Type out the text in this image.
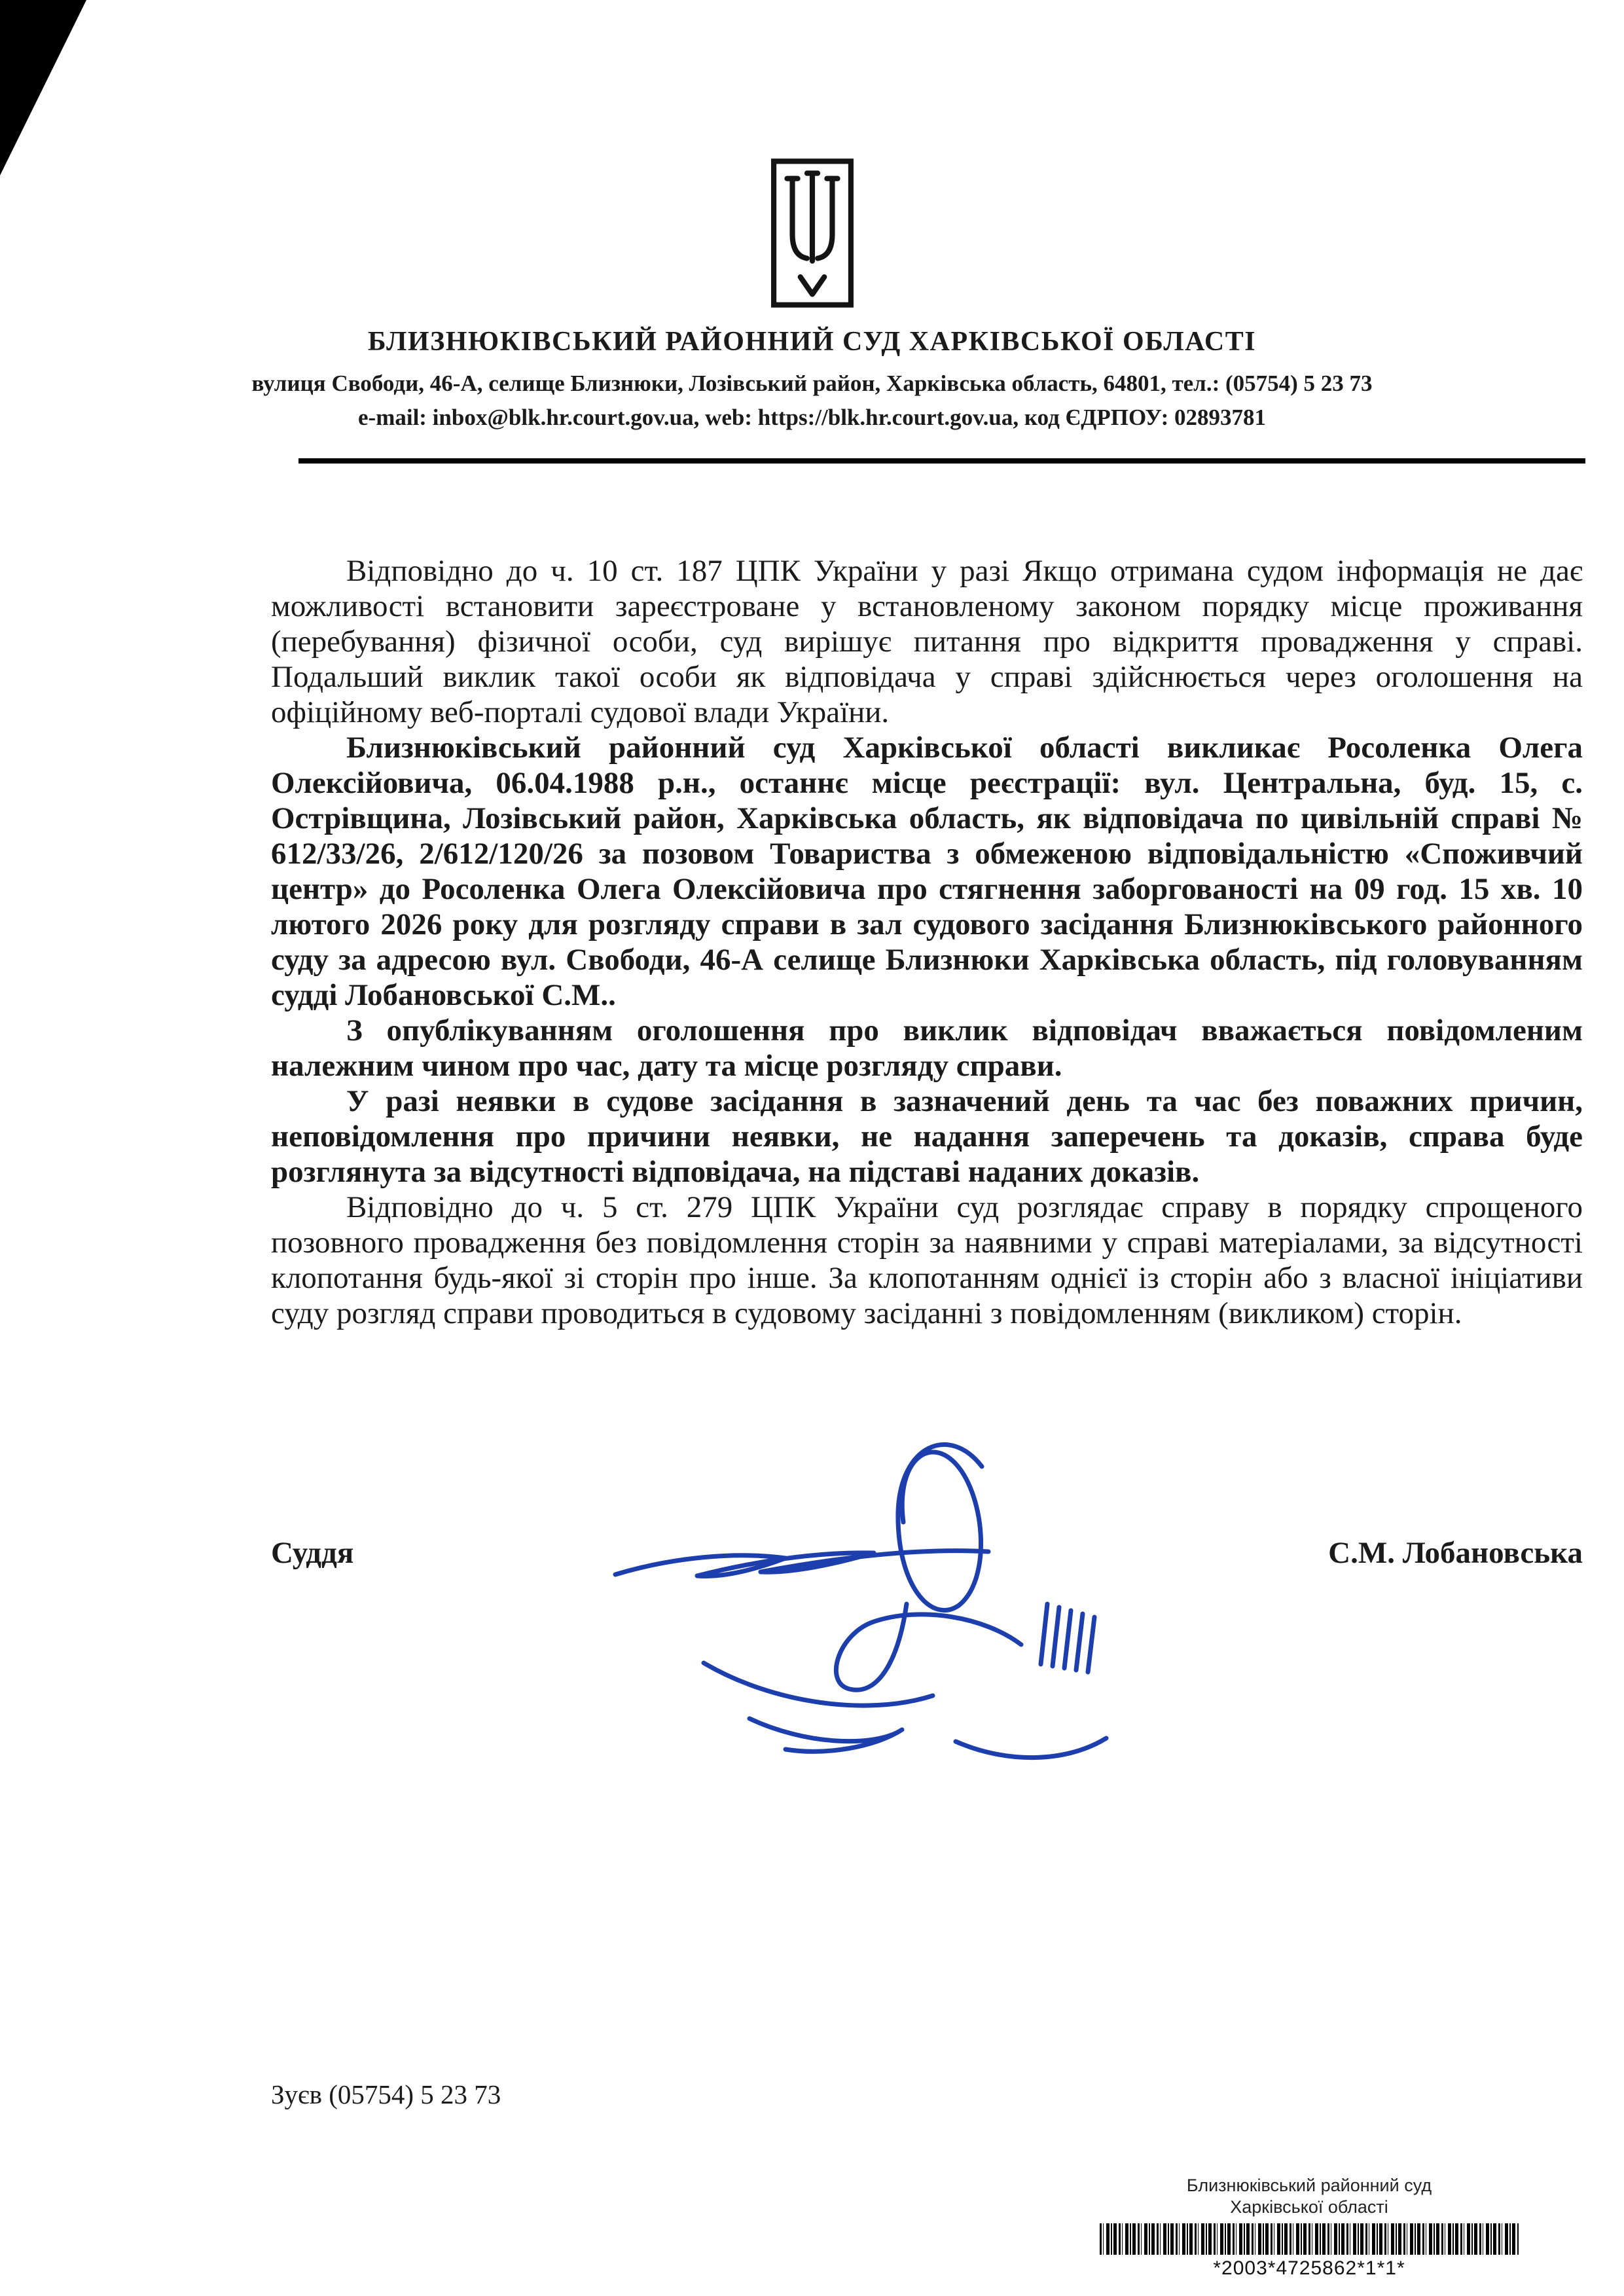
БЛИЗНЮКІВСЬКИЙ РАЙОННИЙ СУД ХАРКІВСЬКОЇ ОБЛАСТІ
вулиця Свободи, 46-А, селище Близнюки, Лозівський район, Харківська область, 64801, тел.: (05754) 5 23 73
e-mail: inbox@blk.hr.court.gov.ua, web: https://blk.hr.court.gov.ua, код ЄДРПОУ: 02893781

Відповідно до ч. 10 ст. 187 ЦПК України у разі Якщо отримана судом інформація не дає можливості встановити зареєстроване у встановленому законом порядку місце проживання (перебування) фізичної особи, суд вирішує питання про відкриття провадження у справі. Подальший виклик такої особи як відповідача у справі здійснюється через оголошення на офіційному веб-порталі судової влади України.

Близнюківський районний суд Харківської області викликає Росоленка Олега Олексійовича, 06.04.1988 р.н., останнє місце реєстрації: вул. Центральна, буд. 15, с. Острівщина, Лозівський район, Харківська область, як відповідача по цивільній справі № 612/33/26, 2/612/120/26 за позовом Товариства з обмеженою відповідальністю «Споживчий центр» до Росоленка Олега Олексійовича про стягнення заборгованості на 09 год. 15 хв. 10 лютого 2026 року для розгляду справи в зал судового засідання Близнюківського районного суду за адресою вул. Свободи, 46-А селище Близнюки Харківська область, під головуванням судді Лобановської С.М..

З опублікуванням оголошення про виклик відповідач вважається повідомленим належним чином про час, дату та місце розгляду справи.

У разі неявки в судове засідання в зазначений день та час без поважних причин, неповідомлення про причини неявки, не надання заперечень та доказів, справа буде розглянута за відсутності відповідача, на підставі наданих доказів.

Відповідно до ч. 5 ст. 279 ЦПК України суд розглядає справу в порядку спрощеного позовного провадження без повідомлення сторін за наявними у справі матеріалами, за відсутності клопотання будь-якої зі сторін про інше. За клопотанням однієї із сторін або з власної ініціативи суду розгляд справи проводиться в судовому засіданні з повідомленням (викликом) сторін.

Суддя	С.М. Лобановська
Зуєв (05754) 5 23 73
Близнюківський районний суд
Харківської області
*2003*4725862*1*1*
